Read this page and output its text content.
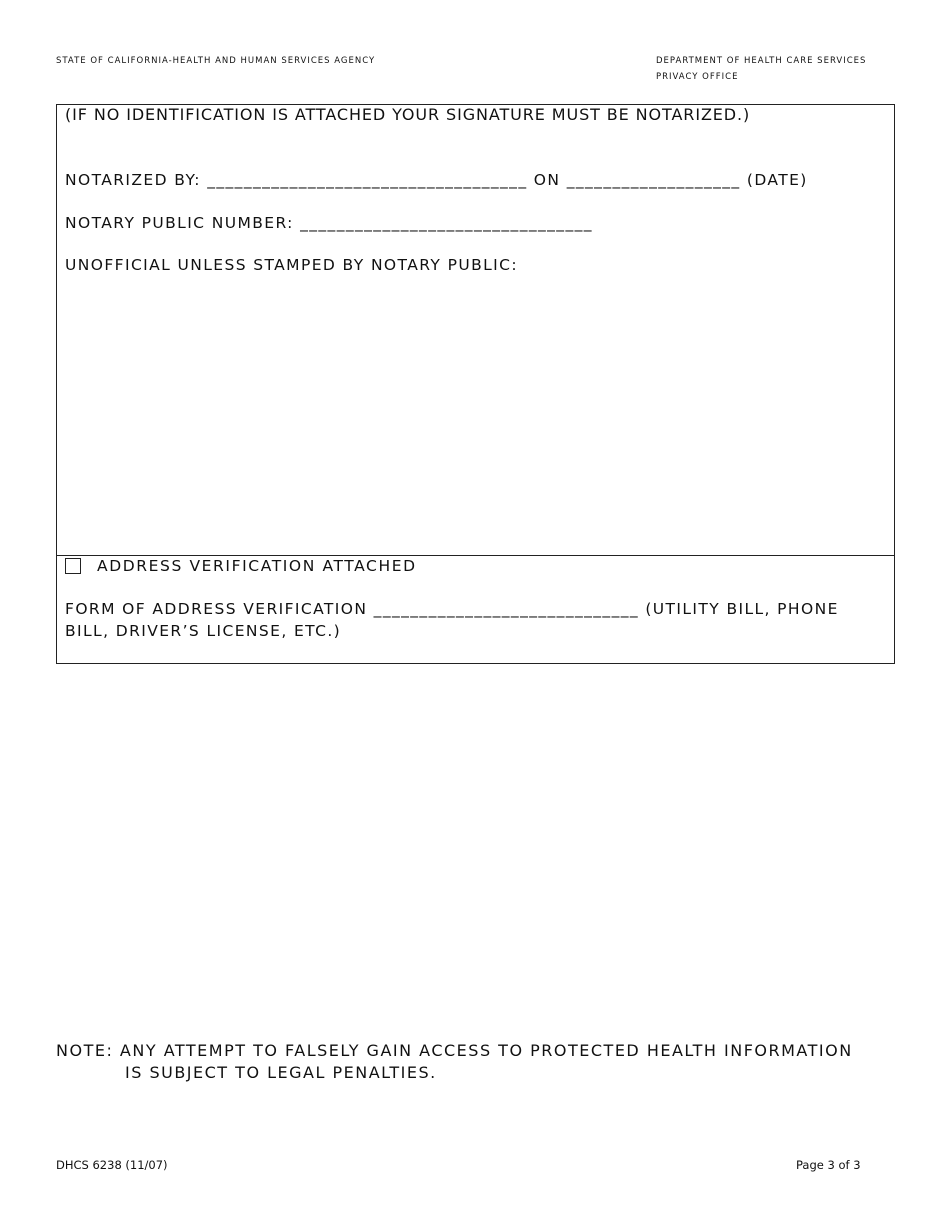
STATE OF CALIFORNIA-HEALTH AND HUMAN SERVICES AGENCY	DEPARTMENT OF HEALTH CARE SERVICES
PRIVACY OFFICE
(IF NO IDENTIFICATION IS ATTACHED YOUR SIGNATURE MUST BE NOTARIZED.)
NOTARIZED BY: ___________________________________ ON ___________________ (DATE)
NOTARY PUBLIC NUMBER: ________________________________
UNOFFICIAL UNLESS STAMPED BY NOTARY PUBLIC:
ADDRESS VERIFICATION ATTACHED
FORM OF ADDRESS VERIFICATION _____________________________ (UTILITY BILL, PHONE BILL, DRIVER’S LICENSE, ETC.)
NOTE: ANY ATTEMPT TO FALSELY GAIN ACCESS TO PROTECTED HEALTH INFORMATION
IS SUBJECT TO LEGAL PENALTIES.
DHCS 6238 (11/07)	Page 3 of 3
